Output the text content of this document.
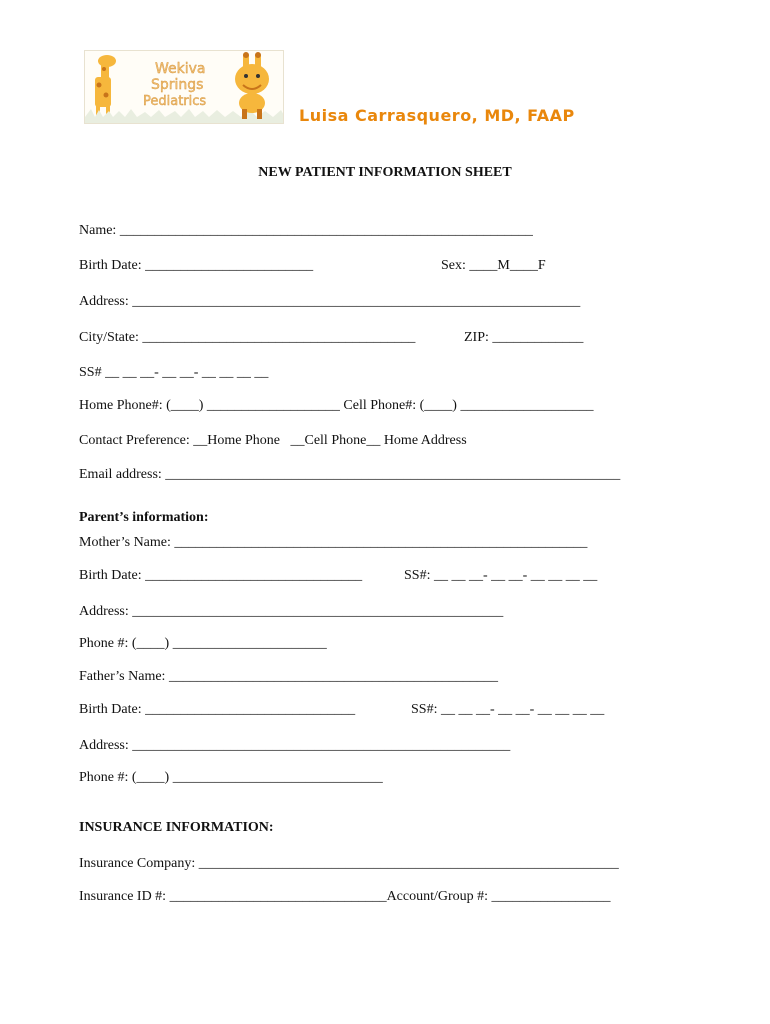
Wekiva
Springs
Pediatrics
Luisa Carrasquero, MD, FAAP
NEW PATIENT INFORMATION SHEET
Name: ___________________________________________________________
Birth Date: ________________________	Sex: ____M____F
Address: ________________________________________________________________
City/State: _______________________________________	ZIP: _____________
SS# __ __ __- __ __- __ __ __ __
Home Phone#: (____) ___________________ Cell Phone#: (____) ___________________
Contact Preference: __Home Phone   __Cell Phone__ Home Address
Email address: _________________________________________________________________
Parent’s information:
Mother’s Name: ___________________________________________________________
Birth Date: _______________________________	SS#: __ __ __- __ __- __ __ __ __
Address: _____________________________________________________
Phone #: (____) ______________________
Father’s Name: _______________________________________________
Birth Date: ______________________________	SS#: __ __ __- __ __- __ __ __ __
Address: ______________________________________________________
Phone #: (____) ______________________________
INSURANCE INFORMATION:
Insurance Company: ____________________________________________________________
Insurance ID #: _______________________________Account/Group #: _________________
